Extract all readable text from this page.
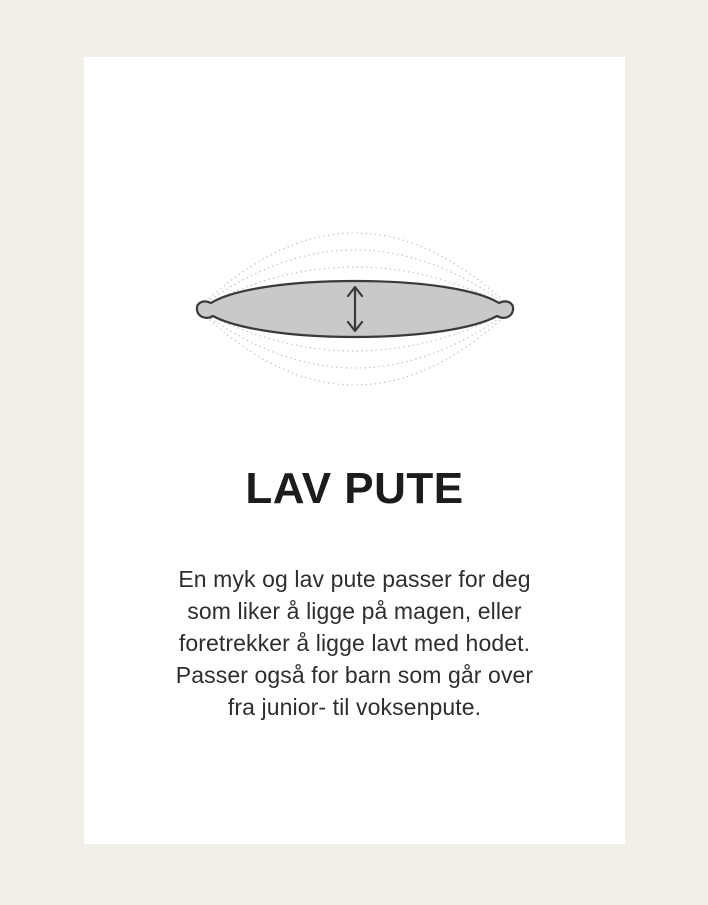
LAV PUTE
En myk og lav pute passer for deg
som liker å ligge på magen, eller
foretrekker å ligge lavt med hodet.
Passer også for barn som går over
fra junior- til voksenpute.
